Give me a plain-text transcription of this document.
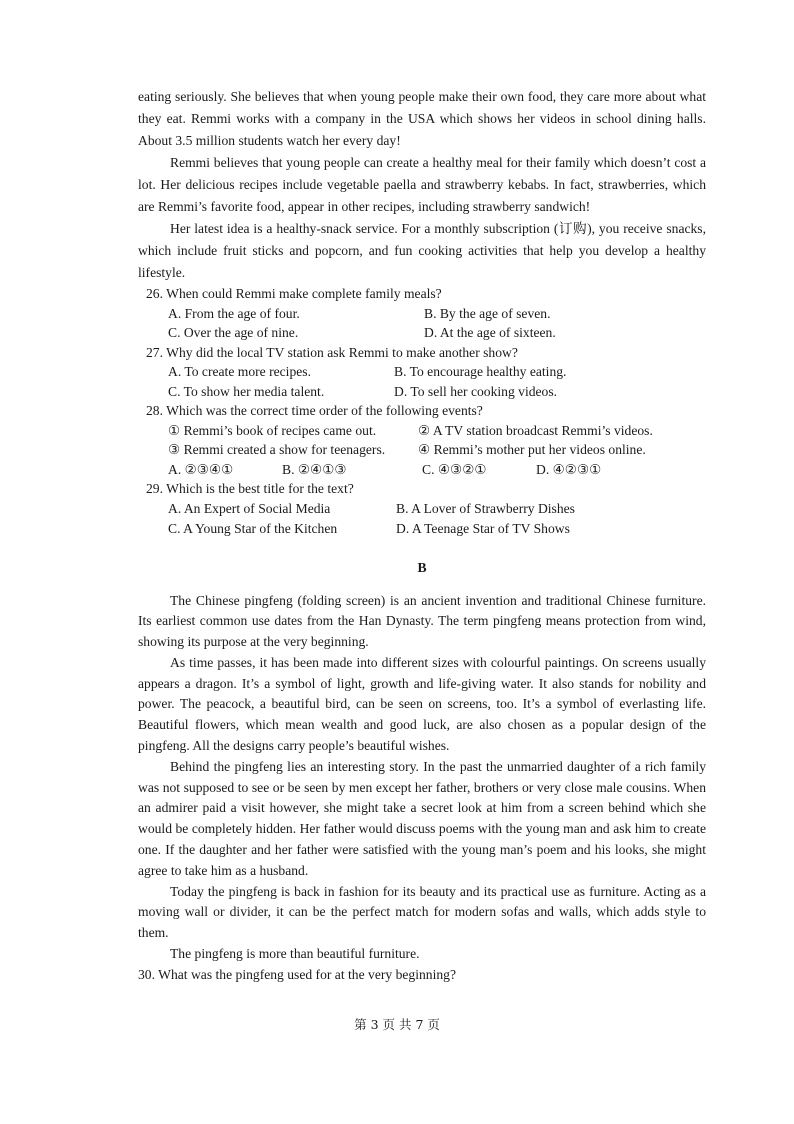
eating seriously. She believes that when young people make their own food, they care more about what they eat. Remmi works with a company in the USA which shows her videos in school dining halls. About 3.5 million students watch her every day!

Remmi believes that young people can create a healthy meal for their family which doesn’t cost a lot. Her delicious recipes include vegetable paella and strawberry kebabs. In fact, strawberries, which are Remmi’s favorite food, appear in other recipes, including strawberry sandwich!

Her latest idea is a healthy-snack service. For a monthly subscription (订购), you receive snacks, which include fruit sticks and popcorn, and fun cooking activities that help you develop a healthy lifestyle.

26. When could Remmi make complete family meals?

A. From the age of four.	B. By the age of seven.
C. Over the age of nine.	D. At the age of sixteen.

27. Why did the local TV station ask Remmi to make another show?

A. To create more recipes.	B. To encourage healthy eating.
C. To show her media talent.	D. To sell her cooking videos.

28. Which was the correct time order of the following events?

① Remmi’s book of recipes came out.	② A TV station broadcast Remmi’s videos.
③ Remmi created a show for teenagers.	④ Remmi’s mother put her videos online.
A. ②③④①	B. ②④①③	C. ④③②①	D. ④②③①

29. Which is the best title for the text?

A. An Expert of Social Media	B. A Lover of Strawberry Dishes
C. A Young Star of the Kitchen	D. A Teenage Star of TV Shows
B

The Chinese pingfeng (folding screen) is an ancient invention and traditional Chinese furniture. Its earliest common use dates from the Han Dynasty. The term pingfeng means protection from wind, showing its purpose at the very beginning.

As time passes, it has been made into different sizes with colourful paintings. On screens usually appears a dragon. It’s a symbol of light, growth and life-giving water. It also stands for nobility and power. The peacock, a beautiful bird, can be seen on screens, too. It’s a symbol of everlasting life. Beautiful flowers, which mean wealth and good luck, are also chosen as a popular design of the pingfeng. All the designs carry people’s beautiful wishes.

Behind the pingfeng lies an interesting story. In the past the unmarried daughter of a rich family was not supposed to see or be seen by men except her father, brothers or very close male cousins. When an admirer paid a visit however, she might take a secret look at him from a screen behind which she would be completely hidden. Her father would discuss poems with the young man and ask him to create one. If the daughter and her father were satisfied with the young man’s poem and his looks, she might agree to take him as a husband.

Today the pingfeng is back in fashion for its beauty and its practical use as furniture. Acting as a moving wall or divider, it can be the perfect match for modern sofas and walls, which adds style to them.

The pingfeng is more than beautiful furniture.

30. What was the pingfeng used for at the very beginning?

第 3 页 共 7 页
